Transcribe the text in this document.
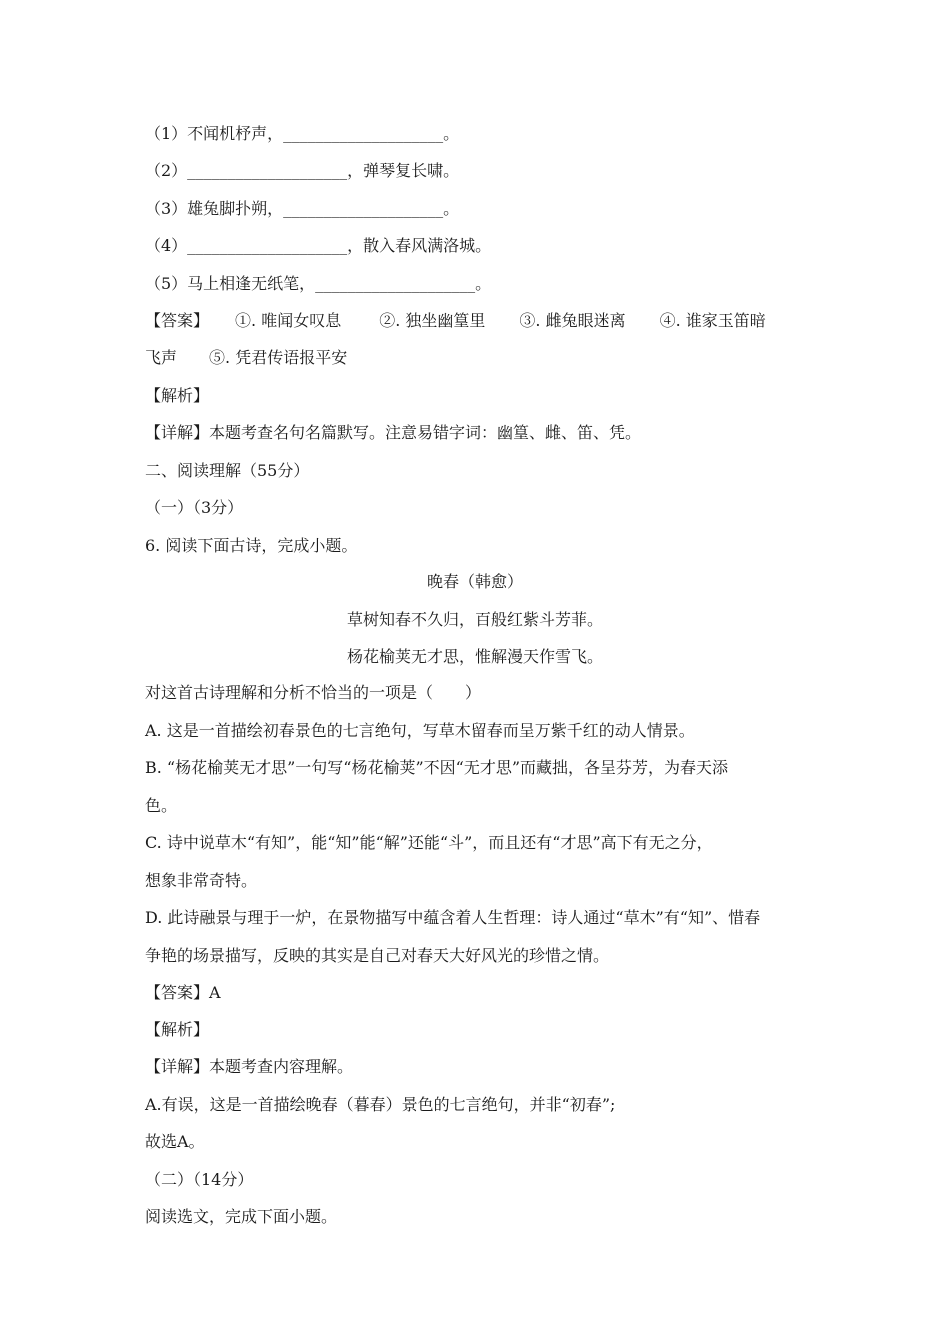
（1）不闻机杼声，____________________。
（2）____________________，弹琴复长啸。
（3）雄兔脚扑朔，____________________。
（4）____________________，散入春风满洛城。
（5）马上相逢无纸笔，____________________。
【答案】 ①. 唯闻女叹息 ②. 独坐幽篁里 ③. 雌兔眼迷离 ④. 谁家玉笛暗
飞声 ⑤. 凭君传语报平安
【解析】
【详解】本题考查名句名篇默写。注意易错字词：幽篁、雌、笛、凭。
二、阅读理解（55分）
（一）（3分）
6. 阅读下面古诗，完成小题。
晚春（韩愈）
草树知春不久归，百般红紫斗芳菲。
杨花榆荚无才思，惟解漫天作雪飞。
对这首古诗理解和分析不恰当的一项是（　　）
A. 这是一首描绘初春景色的七言绝句，写草木留春而呈万紫千红的动人情景。
B. “杨花榆荚无才思”一句写“杨花榆荚”不因“无才思”而藏拙，各呈芬芳，为春天添
色。
C. 诗中说草木“有知”，能“知”能“解”还能“斗”，而且还有“才思”高下有无之分，
想象非常奇特。
D. 此诗融景与理于一炉，在景物描写中蕴含着人生哲理：诗人通过“草木”有“知”、惜春
争艳的场景描写，反映的其实是自己对春天大好风光的珍惜之情。
【答案】A
【解析】
【详解】本题考查内容理解。
A.有误，这是一首描绘晚春（暮春）景色的七言绝句，并非“初春”;
故选A。
（二）（14分）
阅读选文，完成下面小题。
